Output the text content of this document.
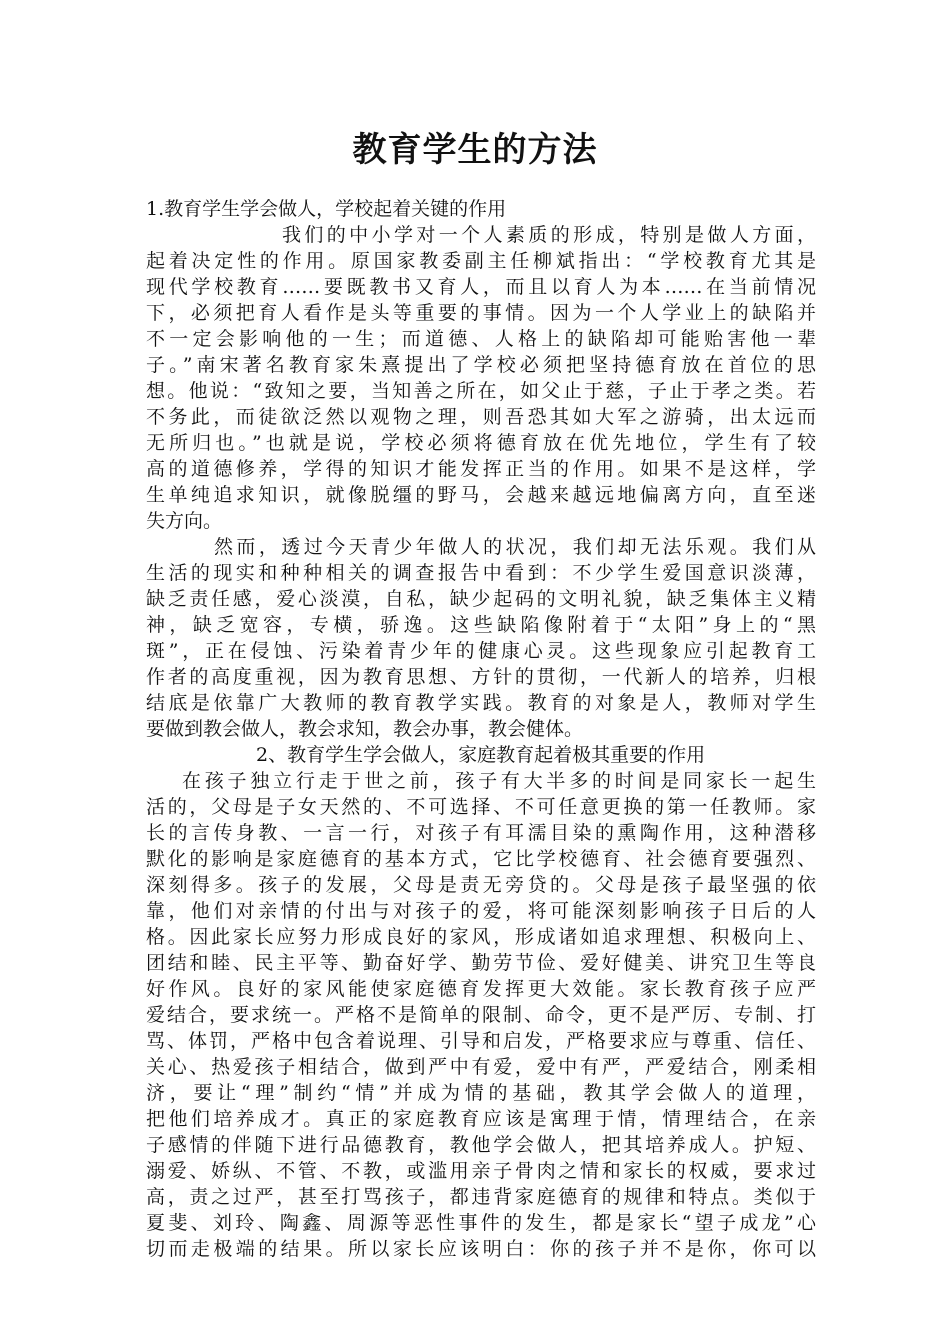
教育学生的方法
1.教育学生学会做人，学校起着关键的作用
我们的中小学对一个人素质的形成，特别是做人方面，
起着决定性的作用。原国家教委副主任柳斌指出：“学校教育尤其是
现代学校教育……要既教书又育人，而且以育人为本……在当前情况
下，必须把育人看作是头等重要的事情。因为一个人学业上的缺陷并
不一定会影响他的一生；而道德、人格上的缺陷却可能贻害他一辈
子。”南宋著名教育家朱熹提出了学校必须把坚持德育放在首位的思
想。他说：“致知之要，当知善之所在，如父止于慈，子止于孝之类。若
不务此，而徒欲泛然以观物之理，则吾恐其如大军之游骑，出太远而
无所归也。”也就是说，学校必须将德育放在优先地位，学生有了较
高的道德修养，学得的知识才能发挥正当的作用。如果不是这样，学
生单纯追求知识，就像脱缰的野马，会越来越远地偏离方向，直至迷
失方向。
然而，透过今天青少年做人的状况，我们却无法乐观。我们从
生活的现实和种种相关的调查报告中看到：不少学生爱国意识淡薄，
缺乏责任感，爱心淡漠，自私，缺少起码的文明礼貌，缺乏集体主义精
神，缺乏宽容，专横，骄逸。这些缺陷像附着于“太阳”身上的“黑
斑”，正在侵蚀、污染着青少年的健康心灵。这些现象应引起教育工
作者的高度重视，因为教育思想、方针的贯彻，一代新人的培养，归根
结底是依靠广大教师的教育教学实践。教育的对象是人，教师对学生
要做到教会做人，教会求知，教会办事，教会健体。
2、教育学生学会做人，家庭教育起着极其重要的作用
在孩子独立行走于世之前，孩子有大半多的时间是同家长一起生
活的，父母是子女天然的、不可选择、不可任意更换的第一任教师。家
长的言传身教、一言一行，对孩子有耳濡目染的熏陶作用，这种潜移
默化的影响是家庭德育的基本方式，它比学校德育、社会德育要强烈、
深刻得多。孩子的发展，父母是责无旁贷的。父母是孩子最坚强的依
靠，他们对亲情的付出与对孩子的爱，将可能深刻影响孩子日后的人
格。因此家长应努力形成良好的家风，形成诸如追求理想、积极向上、
团结和睦、民主平等、勤奋好学、勤劳节俭、爱好健美、讲究卫生等良
好作风。良好的家风能使家庭德育发挥更大效能。家长教育孩子应严
爱结合，要求统一。严格不是简单的限制、命令，更不是严厉、专制、打
骂、体罚，严格中包含着说理、引导和启发，严格要求应与尊重、信任、
关心、热爱孩子相结合，做到严中有爱，爱中有严，严爱结合，刚柔相
济，要让“理”制约“情”并成为情的基础，教其学会做人的道理，
把他们培养成才。真正的家庭教育应该是寓理于情，情理结合，在亲
子感情的伴随下进行品德教育，教他学会做人，把其培养成人。护短、
溺爱、娇纵、不管、不教，或滥用亲子骨肉之情和家长的权威，要求过
高，责之过严，甚至打骂孩子，都违背家庭德育的规律和特点。类似于
夏斐、刘玲、陶鑫、周源等恶性事件的发生，都是家长“望子成龙”心
切而走极端的结果。所以家长应该明白：你的孩子并不是你，你可以
